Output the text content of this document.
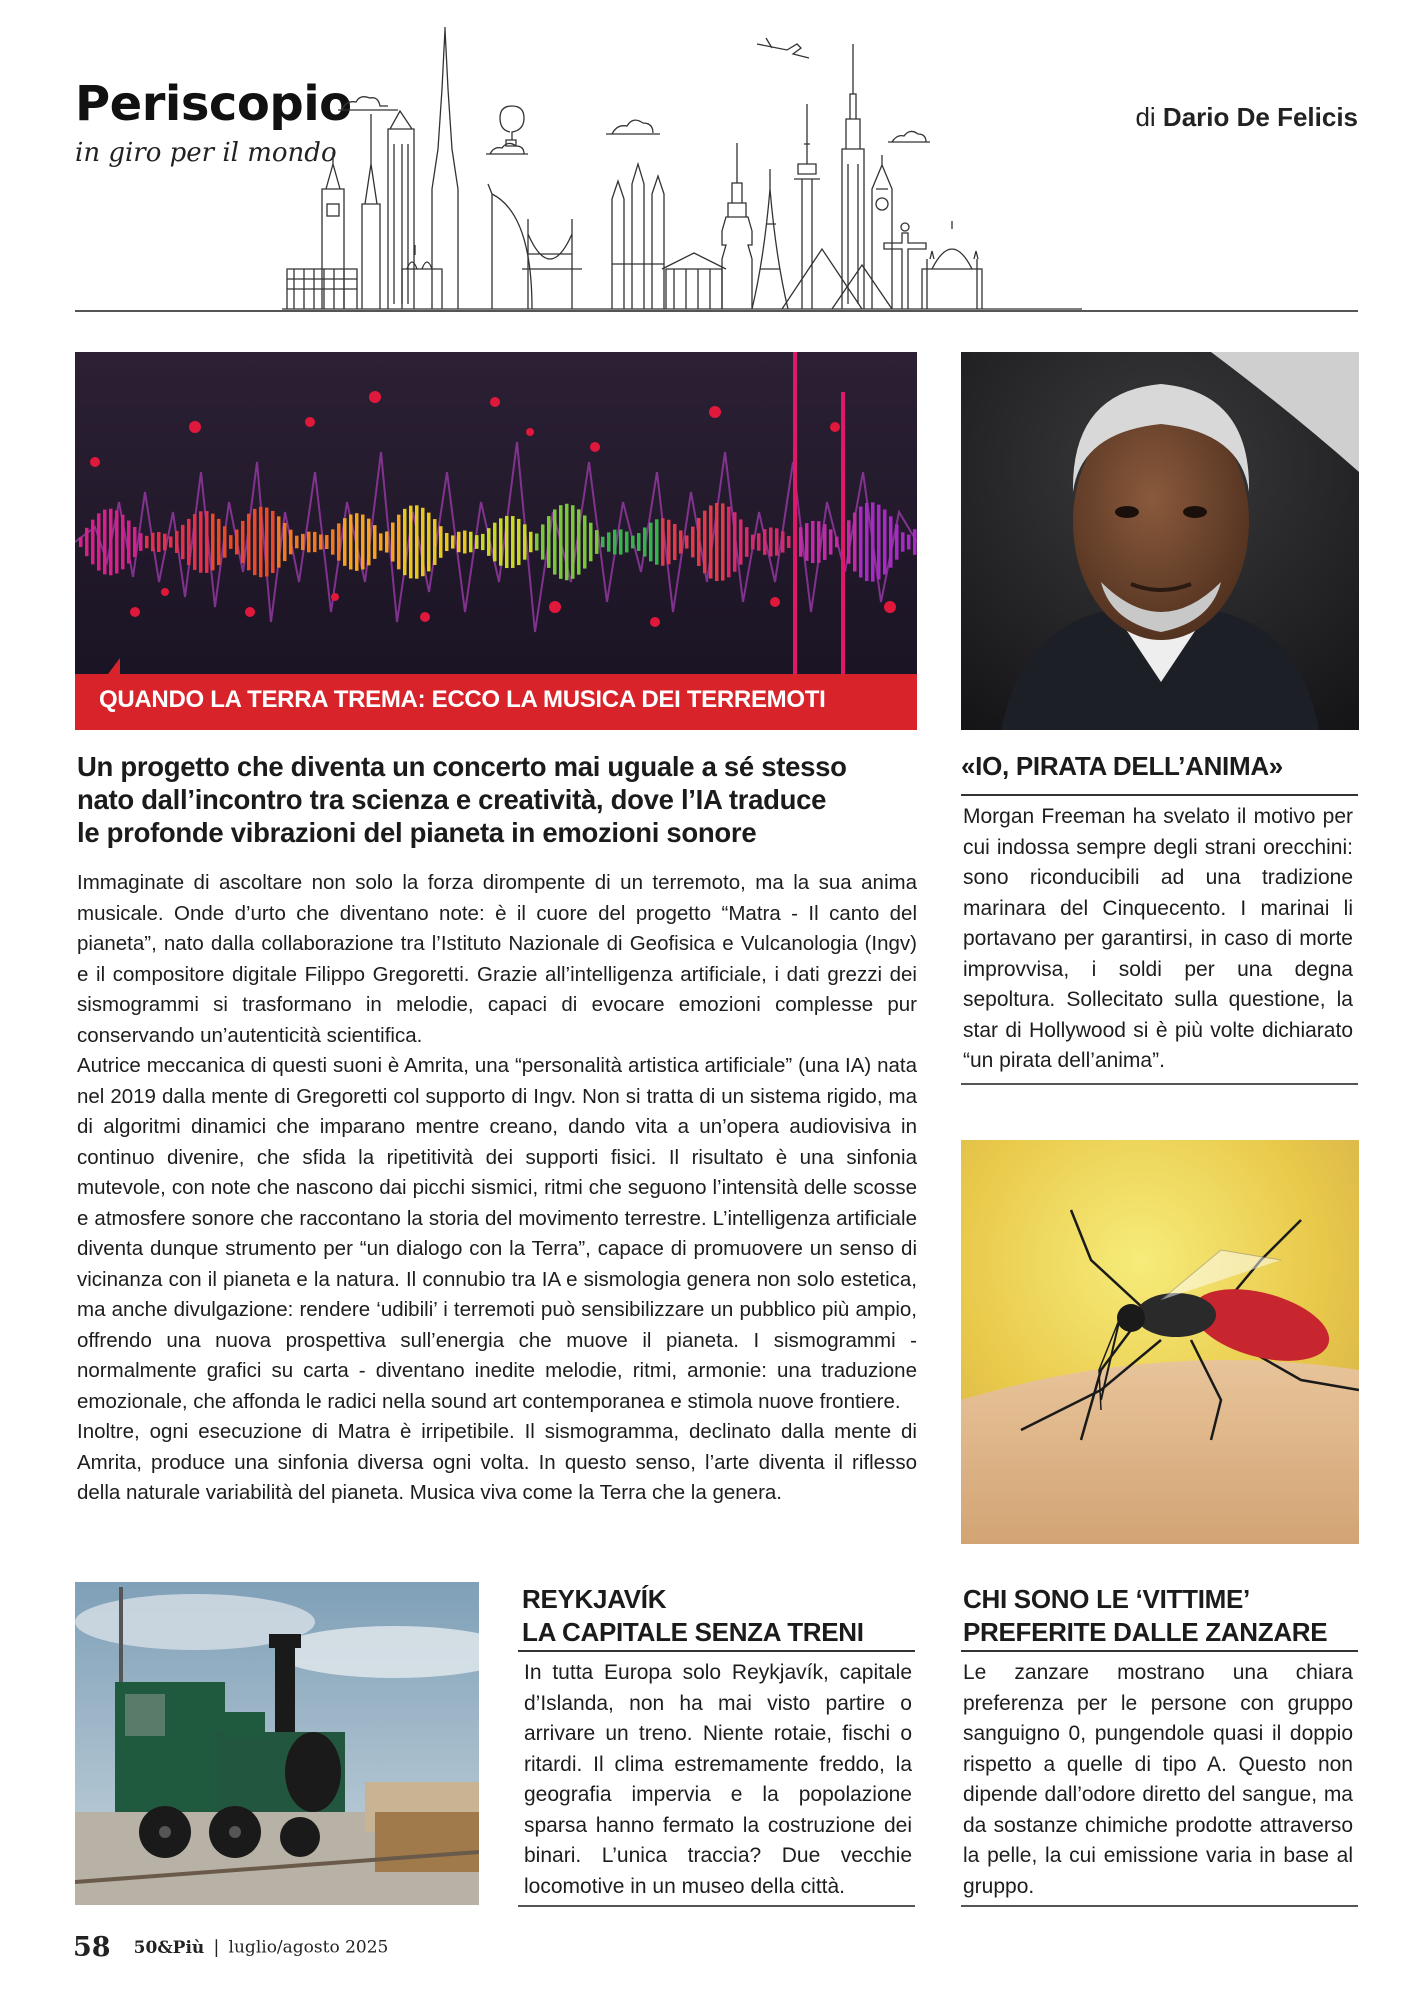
Periscopio
in giro per il mondo
di Dario De Felicis
QUANDO LA TERRA TREMA: ECCO LA MUSICA DEI TERREMOTI
Un progetto che diventa un concerto mai uguale a sé stesso
nato dall’incontro tra scienza e creatività, dove l’IA traduce
le profonde vibrazioni del pianeta in emozioni sonore

Immaginate di ascoltare non solo la forza dirompente di un terremoto, ma la sua anima musicale. Onde d’urto che diventano note: è il cuore del progetto “Matra - Il canto del pianeta”, nato dalla collaborazione tra l’Istituto Nazionale di Geofisica e Vulcanologia (Ingv) e il compositore digitale Filippo Gregoretti. Grazie all’intelligenza artificiale, i dati grezzi dei sismogrammi si trasformano in melodie, capaci di evocare emozioni complesse pur conservando un’autenticità scientifica.

Autrice meccanica di questi suoni è Amrita, una “personalità artistica artificiale” (una IA) nata nel 2019 dalla mente di Gregoretti col supporto di Ingv. Non si tratta di un sistema rigido, ma di algoritmi dinamici che imparano mentre creano, dando vita a un’opera audiovisiva in continuo divenire, che sfida la ripetitività dei supporti fisici. Il risultato è una sinfonia mutevole, con note che nascono dai picchi sismici, ritmi che seguono l’intensità delle scosse e atmosfere sonore che raccontano la storia del movimento terrestre. L’intelligenza artificiale diventa dunque strumento per “un dialogo con la Terra”, capace di promuovere un senso di vicinanza con il pianeta e la natura. Il connubio tra IA e sismologia genera non solo estetica, ma anche divulgazione: rendere ‘udibili’ i terremoti può sensibilizzare un pubblico più ampio, offrendo una nuova prospettiva sull’energia che muove il pianeta. I sismogrammi - normalmente grafici su carta - diventano inedite melodie, ritmi, armonie: una traduzione emozionale, che affonda le radici nella sound art contemporanea e stimola nuove frontiere.

Inoltre, ogni esecuzione di Matra è irripetibile. Il sismogramma, declinato dalla mente di Amrita, produce una sinfonia diversa ogni volta. In questo senso, l’arte diventa il riflesso della naturale variabilità del pianeta. Musica viva come la Terra che la genera.

«IO, PIRATA DELL’ANIMA»
Morgan Freeman ha svelato il motivo per cui indossa sempre degli strani orecchini: sono riconducibili ad una tradizione marinara del Cinquecento. I marinai li portavano per garantirsi, in caso di morte improvvisa, i soldi per una degna sepoltura. Sollecitato sulla questione, la star di Hollywood si è più volte dichiarato “un pirata dell’anima”.
REYKJAVÍK
LA CAPITALE SENZA TRENI
In tutta Europa solo Reykjavík, capitale d’Islanda, non ha mai visto partire o arrivare un treno. Niente rotaie, fischi o ritardi. Il clima estremamente freddo, la geografia impervia e la popolazione sparsa hanno fermato la costruzione dei binari. L’unica traccia? Due vecchie locomotive in un museo della città.
CHI SONO LE ‘VITTIME’
PREFERITE DALLE ZANZARE
Le zanzare mostrano una chiara preferenza per le persone con gruppo sanguigno 0, pungendole quasi il doppio rispetto a quelle di tipo A. Questo non dipende dall’odore diretto del sangue, ma da sostanze chimiche prodotte attraverso la pelle, la cui emissione varia in base al gruppo.
58 50&Più | luglio/agosto 2025
